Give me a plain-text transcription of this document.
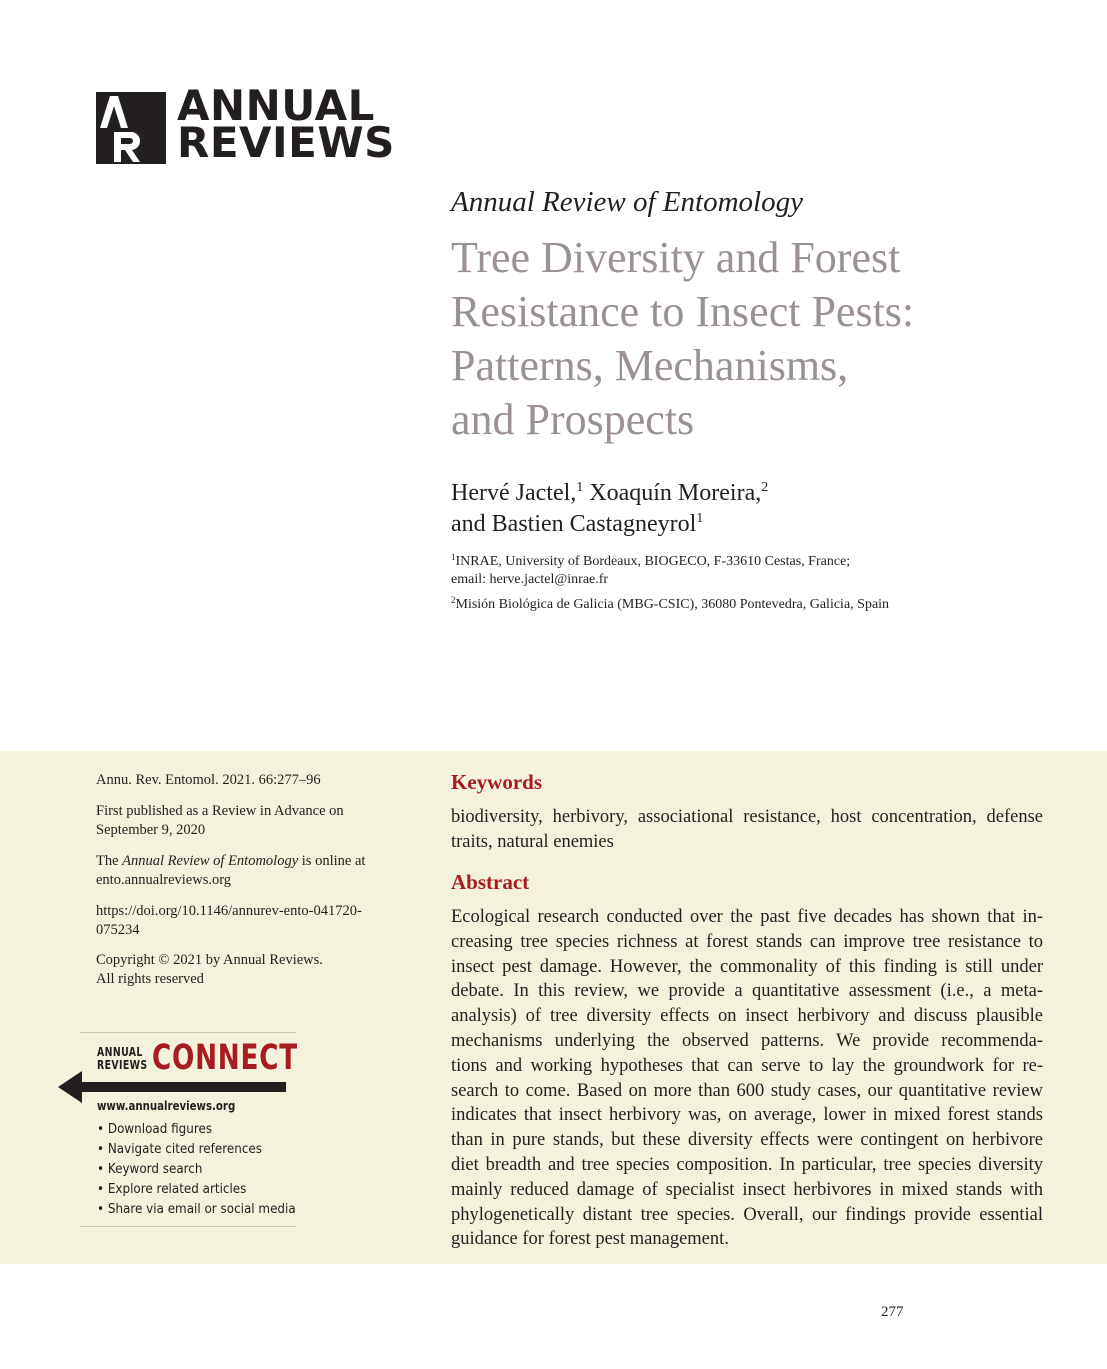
ANNUAL
REVIEWS
Annual Review of Entomology
Tree Diversity and Forest
Resistance to Insect Pests:
Patterns, Mechanisms,
and Prospects
Hervé Jactel,$^1$ Xoaquín Moreira,$^2$
and Bastien Castagneyrol$^1$
$^1$INRAE, University of Bordeaux, BIOGECO, F-33610 Cestas, France;
email: herve.jactel@inrae.fr
$^2$Misión Biológica de Galicia (MBG-CSIC), 36080 Pontevedra, Galicia, Spain
Annu. Rev. Entomol. 2021. 66:277–96
First published as a Review in Advance on
September 9, 2020
The Annual Review of Entomology is online at
ento.annualreviews.org
https://doi.org/10.1146/annurev-ento-041720-
075234
Copyright © 2021 by Annual Reviews.
All rights reserved
ANNUAL
REVIEWS CONNECT
www.annualreviews.org
• Download figures
• Navigate cited references
• Keyword search
• Explore related articles
• Share via email or social media
Keywords
biodiversity, herbivory, associational resistance, host concentration, defense
traits, natural enemies
Abstract
Ecological research conducted over the past five decades has shown that in-
creasing tree species richness at forest stands can improve tree resistance to
insect pest damage. However, the commonality of this finding is still under
debate. In this review, we provide a quantitative assessment (i.e., a meta-
analysis) of tree diversity effects on insect herbivory and discuss plausible
mechanisms underlying the observed patterns. We provide recommenda-
tions and working hypotheses that can serve to lay the groundwork for re-
search to come. Based on more than 600 study cases, our quantitative review
indicates that insect herbivory was, on average, lower in mixed forest stands
than in pure stands, but these diversity effects were contingent on herbivore
diet breadth and tree species composition. In particular, tree species diversity
mainly reduced damage of specialist insect herbivores in mixed stands with
phylogenetically distant tree species. Overall, our findings provide essential
guidance for forest pest management.
277
